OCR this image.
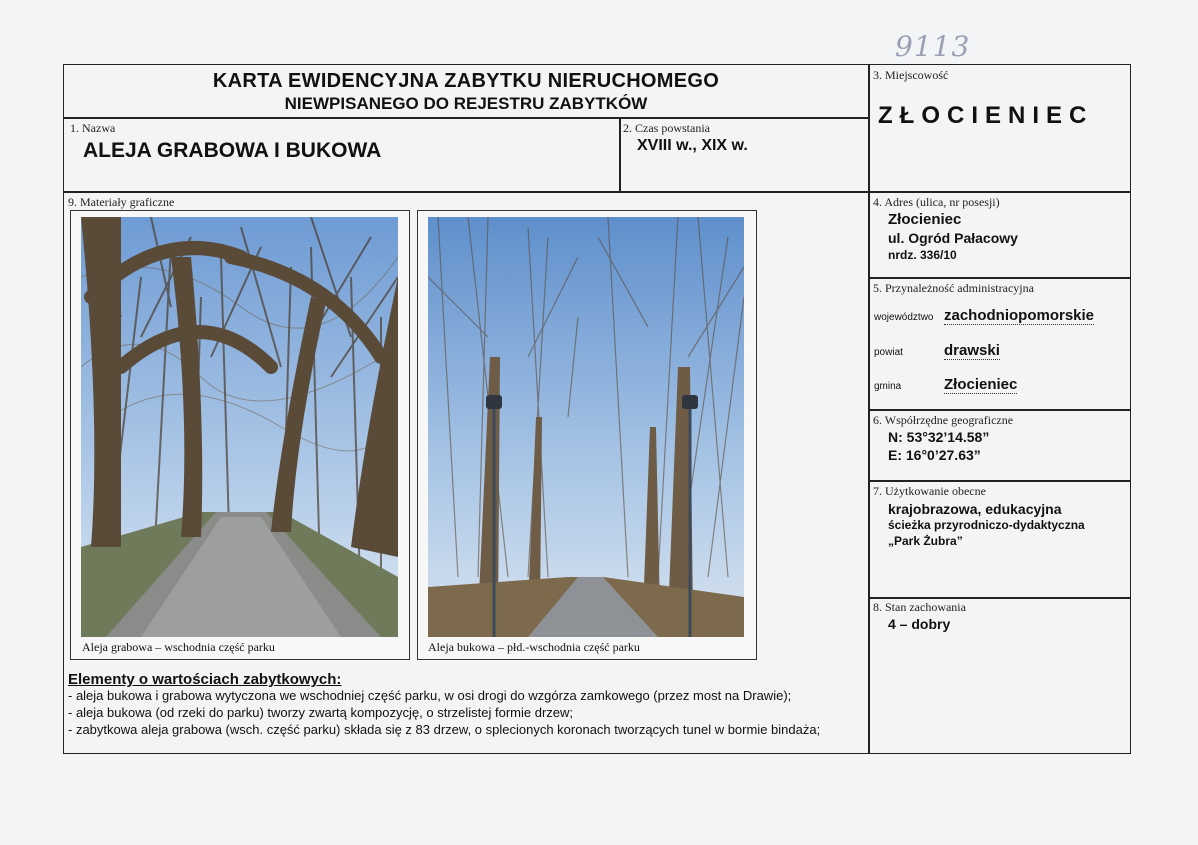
9113
KARTA EWIDENCYJNA ZABYTKU NIERUCHOMEGO
NIEWPISANEGO DO REJESTRU ZABYTKÓW
1. Nazwa
ALEJA GRABOWA I BUKOWA
2. Czas powstania
XVIII w., XIX w.
3. Miejscowość
ZŁOCIENIEC
4. Adres (ulica, nr posesji)
Złocieniec
ul. Ogród Pałacowy
nrdz. 336/10
5. Przynależność administracyjna
województwo zachodniopomorskie
powiat	drawski
gmina	Złocieniec
6. Współrzędne geograficzne
N: 53°32’14.58”
E: 16°0’27.63”
7. Użytkowanie obecne
krajobrazowa, edukacyjna
ścieżka przyrodniczo-dydaktyczna
„Park Żubra”
8. Stan zachowania
4 – dobry
9. Materiały graficzne
Aleja grabowa – wschodnia część parku	Aleja bukowa – płd.-wschodnia część parku
Elementy o wartościach zabytkowych:
- aleja bukowa i grabowa wytyczona we wschodniej część parku, w osi drogi do wzgórza zamkowego (przez most na Drawie);
- aleja bukowa (od rzeki do parku) tworzy zwartą kompozycję, o strzelistej formie drzew;
- zabytkowa aleja grabowa (wsch. część parku) składa się z 83 drzew, o splecionych koronach tworzących tunel w bormie bindaża;
